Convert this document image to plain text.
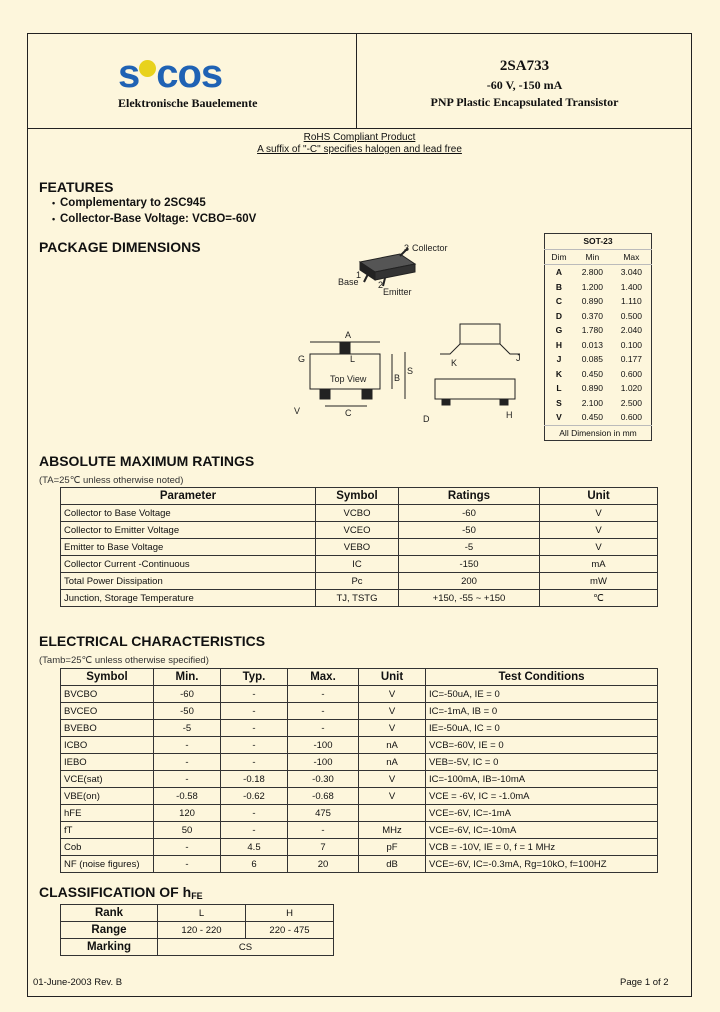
s cos
Elektronische Bauelemente
2SA733
-60 V, -150 mA
PNP Plastic Encapsulated Transistor
RoHS Compliant Product
A suffix of "-C" specifies halogen and lead free
FEATURES
• Complementary to 2SC945
• Collector-Base Voltage: VCBO=-60V
PACKAGE DIMENSIONS	3 Collector
1
Base 2
Emitter
Top View
A
L
B
S
C
V
G	K	J
D	H
SOT-23		
Dim	Min	Max
A	2.800	3.040
B	1.200	1.400
C	0.890	1.110
D	0.370	0.500
G	1.780	2.040
H	0.013	0.100
J	0.085	0.177
K	0.450	0.600
L	0.890	1.020
S	2.100	2.500
V	0.450	0.600
All Dimension in mm		
ABSOLUTE MAXIMUM RATINGS
(TA=25℃ unless otherwise noted)
Parameter	Symbol	Ratings	Unit
Collector to Base Voltage	VCBO	-60	V
Collector to Emitter Voltage	VCEO	-50	V
Emitter to Base Voltage	VEBO	-5	V
Collector Current -Continuous	IC	-150	mA
Total Power Dissipation	Pc	200	mW
Junction, Storage Temperature	TJ, TSTG	+150, -55 ~ +150	℃
ELECTRICAL CHARACTERISTICS
(Tamb=25℃ unless otherwise specified)
Symbol	Min.	Typ.	Max.	Unit	Test Conditions
BVCBO	-60	-	-	V	IC=-50uA, IE = 0
BVCEO	-50	-	-	V	IC=-1mA, IB = 0
BVEBO	-5	-	-	V	IE=-50uA, IC = 0
ICBO	-	-	-100	nA	VCB=-60V, IE = 0
IEBO	-	-	-100	nA	VEB=-5V, IC = 0
VCE(sat)	-	-0.18	-0.30	V	IC=-100mA, IB=-10mA
VBE(on)	-0.58	-0.62	-0.68	V	VCE = -6V, IC = -1.0mA
hFE	120	-	475		VCE=-6V, IC=-1mA
fT	50	-	-	MHz	VCE=-6V, IC=-10mA
Cob	-	4.5	7	pF	VCB = -10V, IE = 0, f = 1 MHz
NF (noise figures)	-	6	20	dB	VCE=-6V, IC=-0.3mA, Rg=10kO, f=100HZ
CLASSIFICATION OF $h_{FE}$
Rank	L	H
Range	120 - 220	220 - 475
Marking	CS	
01-June-2003 Rev. B	Page 1 of 2
